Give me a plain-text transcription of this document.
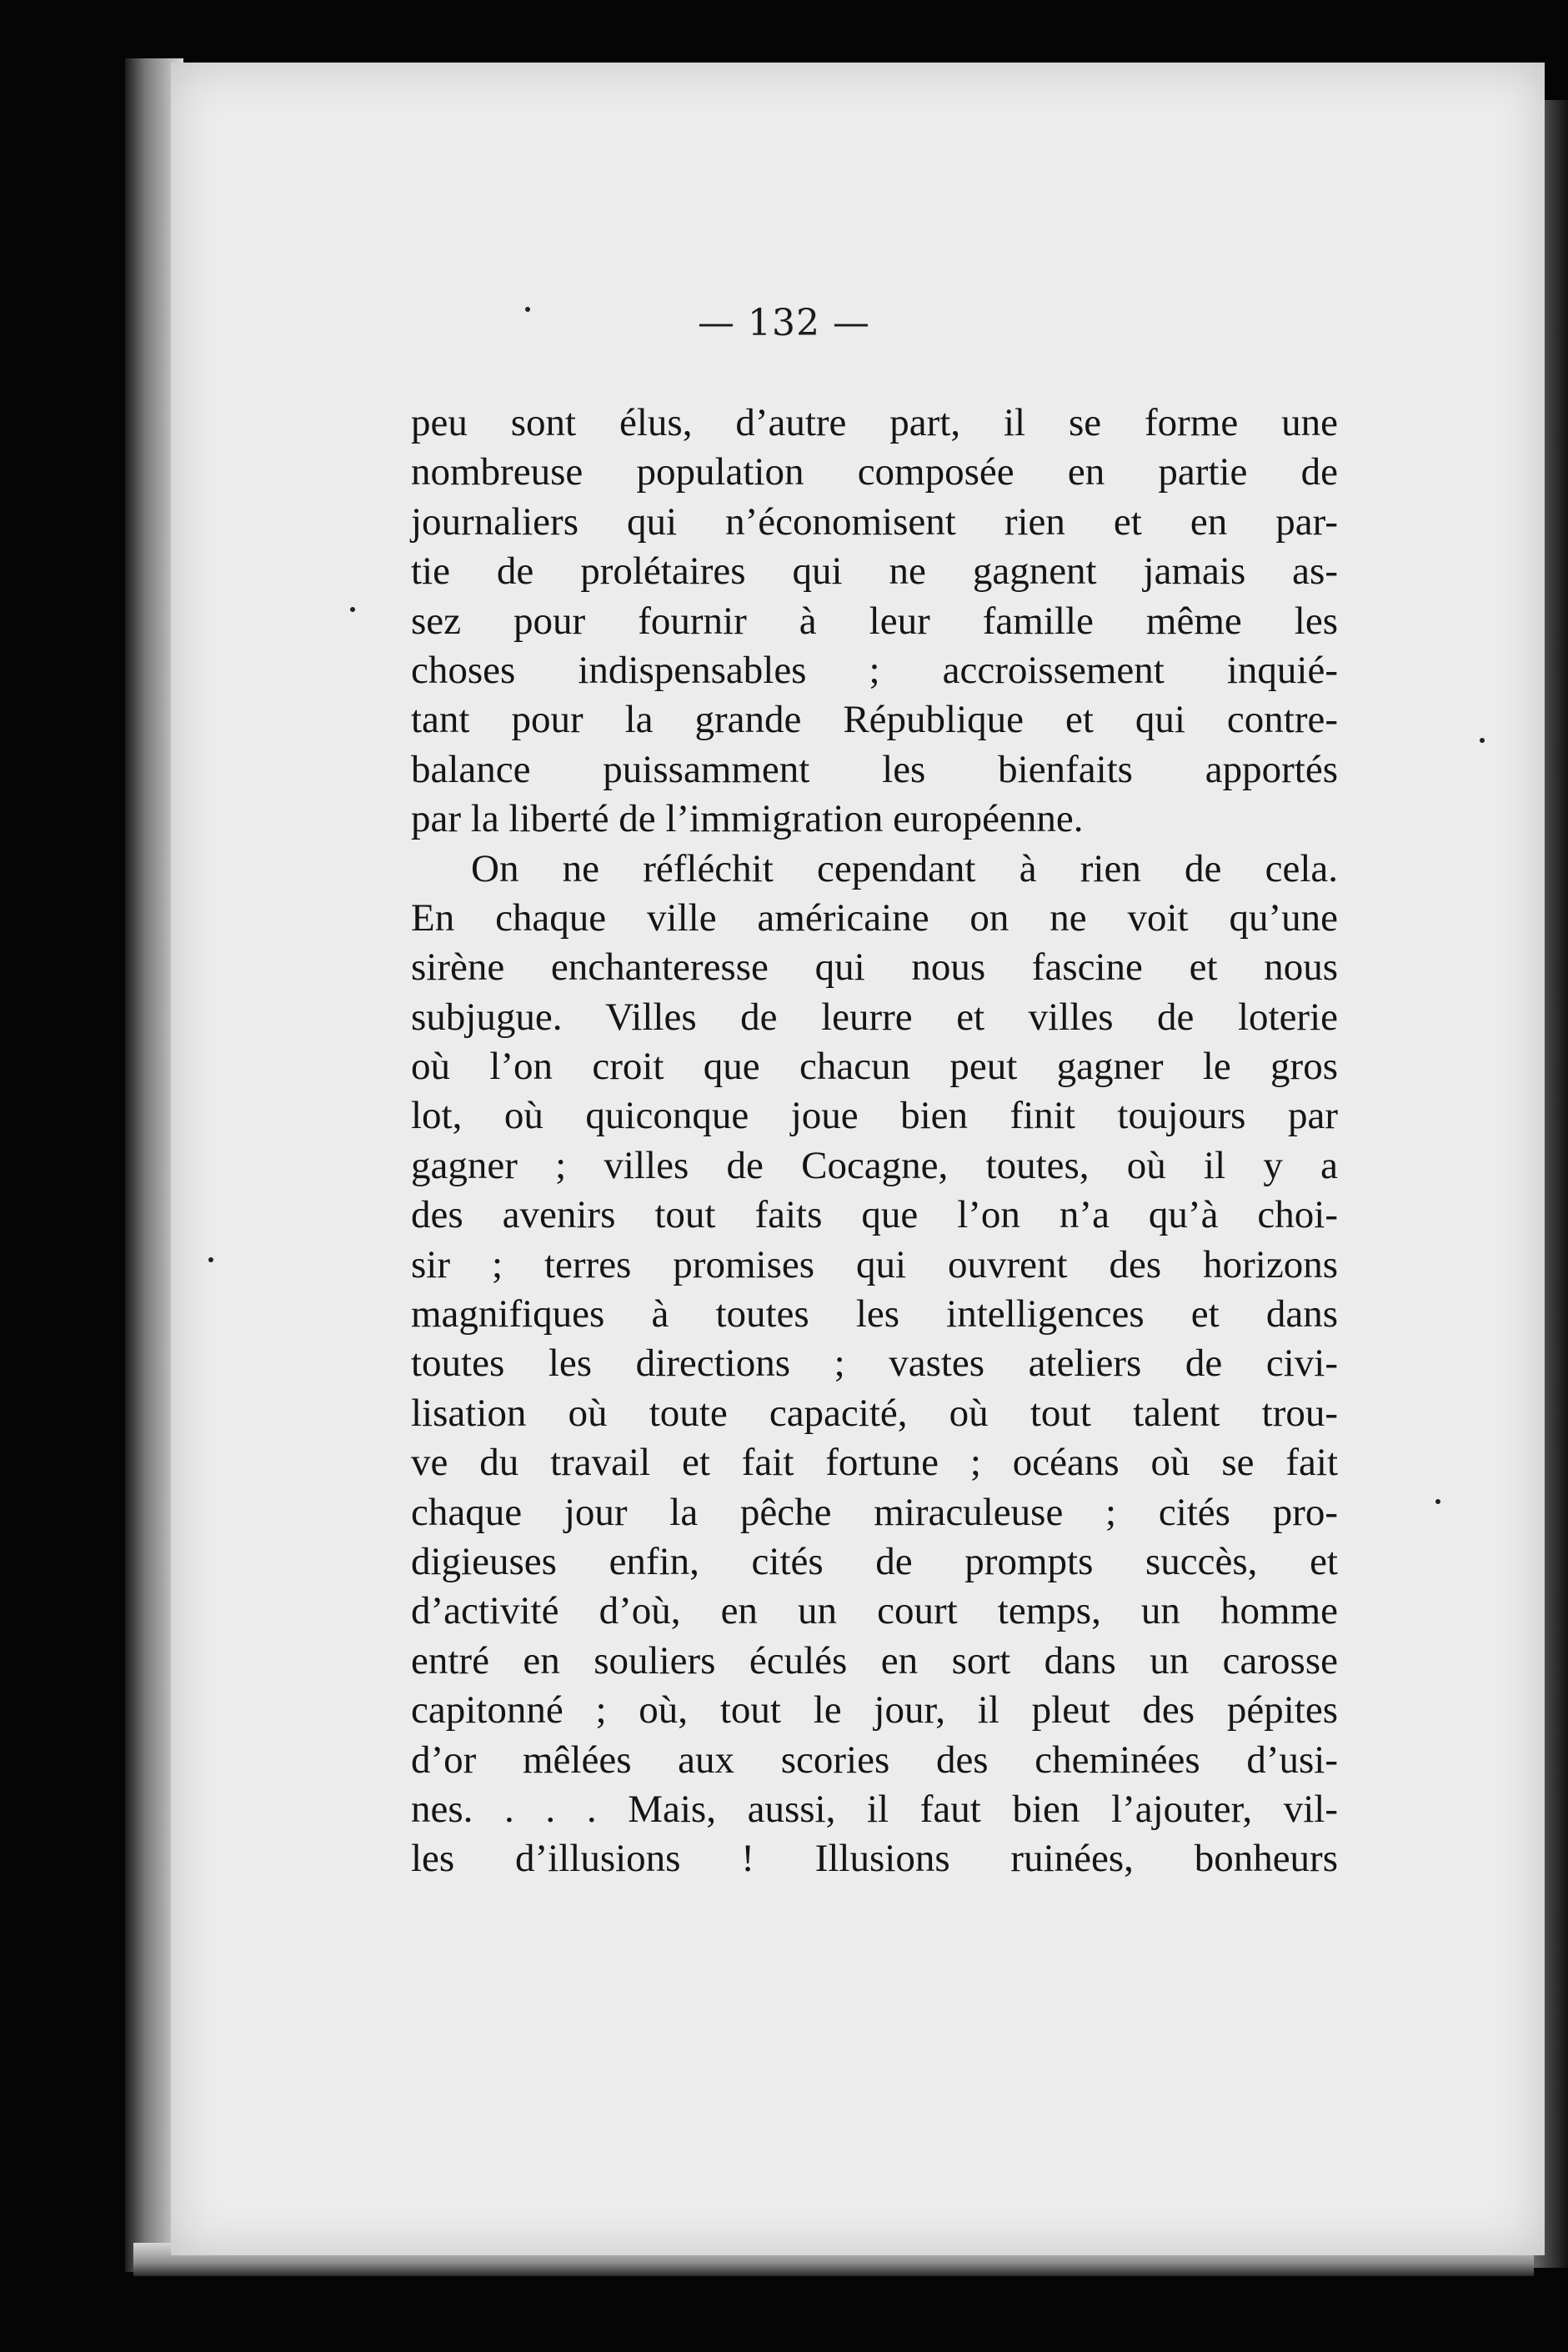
— 132 —
peu sont élus, d’autre part, il se forme une
nombreuse population composée en partie de
journaliers qui n’économisent rien et en par-
tie de prolétaires qui ne gagnent jamais as-
sez pour fournir à leur famille même les
choses indispensables ; accroissement inquié-
tant pour la grande République et qui contre-
balance puissamment les bienfaits apportés
par la liberté de l’immigration européenne.
On ne réfléchit cependant à rien de cela.
En chaque ville américaine on ne voit qu’une
sirène enchanteresse qui nous fascine et nous
subjugue. Villes de leurre et villes de loterie
où l’on croit que chacun peut gagner le gros
lot, où quiconque joue bien finit toujours par
gagner ; villes de Cocagne, toutes, où il y a
des avenirs tout faits que l’on n’a qu’à choi-
sir ; terres promises qui ouvrent des horizons
magnifiques à toutes les intelligences et dans
toutes les directions ; vastes ateliers de civi-
lisation où toute capacité, où tout talent trou-
ve du travail et fait fortune ; océans où se fait
chaque jour la pêche miraculeuse ; cités pro-
digieuses enfin, cités de prompts succès, et
d’activité d’où, en un court temps, un homme
entré en souliers éculés en sort dans un carosse
capitonné ; où, tout le jour, il pleut des pépites
d’or mêlées aux scories des cheminées d’usi-
nes. . . . Mais, aussi, il faut bien l’ajouter, vil-
les d’illusions ! Illusions ruinées, bonheurs
